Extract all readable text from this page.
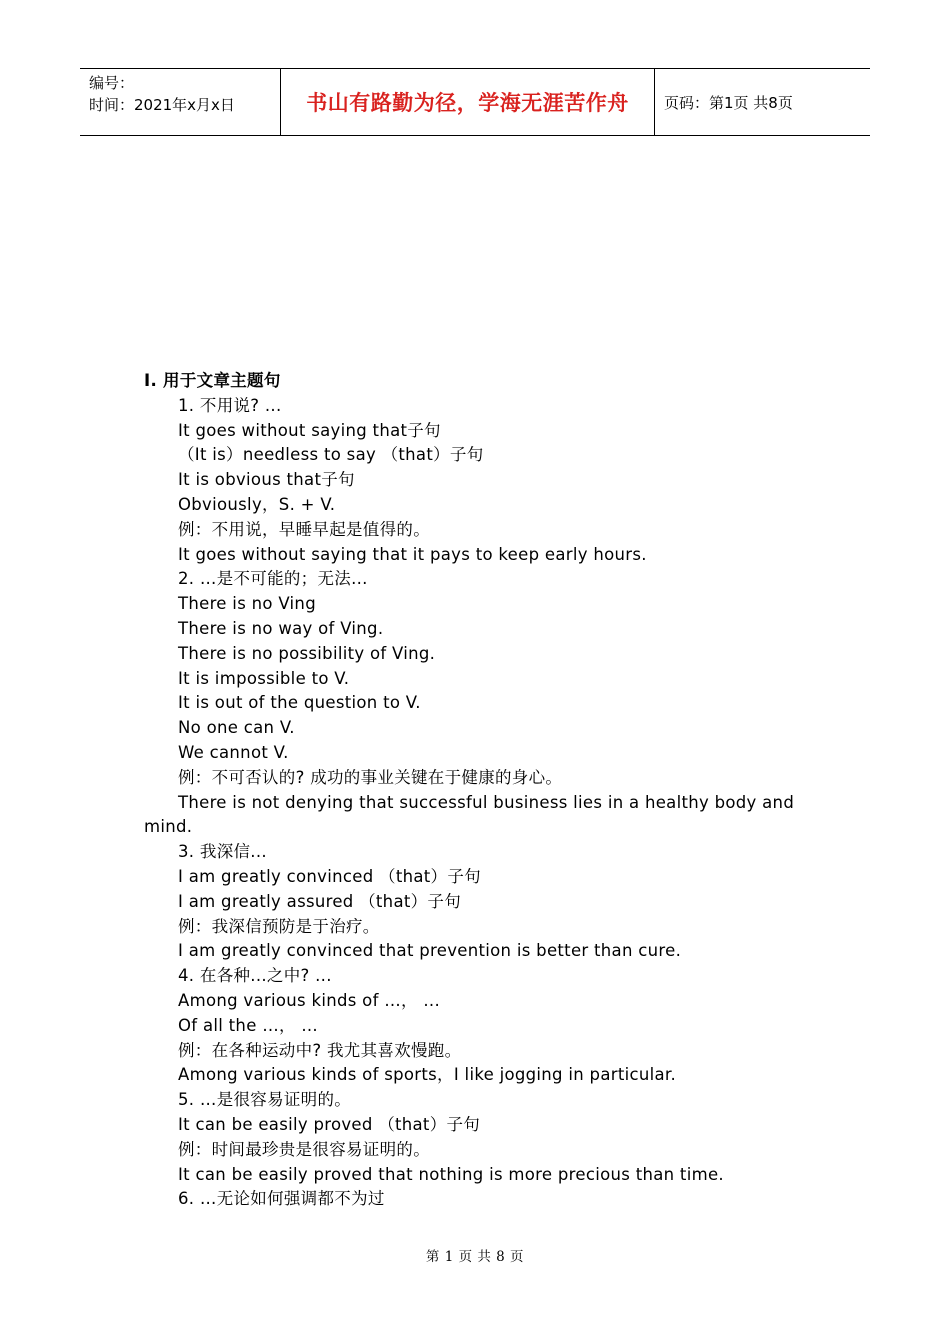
编号：
时间：2021年x月x日	书山有路勤为径，学海无涯苦作舟 页码：第1页 共8页

I. 用于文章主题句

1. 不用说? ...

It goes without saying that子句

（It is）needless to say （that）子句

It is obvious that子句

Obviously，S. + V.

例：不用说，早睡早起是值得的。

It goes without saying that it pays to keep early hours.

2. …是不可能的；无法...

There is no Ving

There is no way of Ving.

There is no possibility of Ving.

It is impossible to V.

It is out of the question to V.

No one can V.

We cannot V.

例：不可否认的? 成功的事业关键在于健康的身心。

There is not denying that successful business lies in a healthy body and mind.

3. 我深信...

I am greatly convinced （that）子句

I am greatly assured （that）子句

例：我深信预防是于治疗。

I am greatly convinced that prevention is better than cure.

4. 在各种...之中? ...

Among various kinds of …， ...

Of all the …， ...

例：在各种运动中? 我尤其喜欢慢跑。

Among various kinds of sports，I like jogging in particular.

5. …是很容易证明的。

It can be easily proved （that）子句

例：时间最珍贵是很容易证明的。

It can be easily proved that nothing is more precious than time.

6. …无论如何强调都不为过

第 1 页 共 8 页
